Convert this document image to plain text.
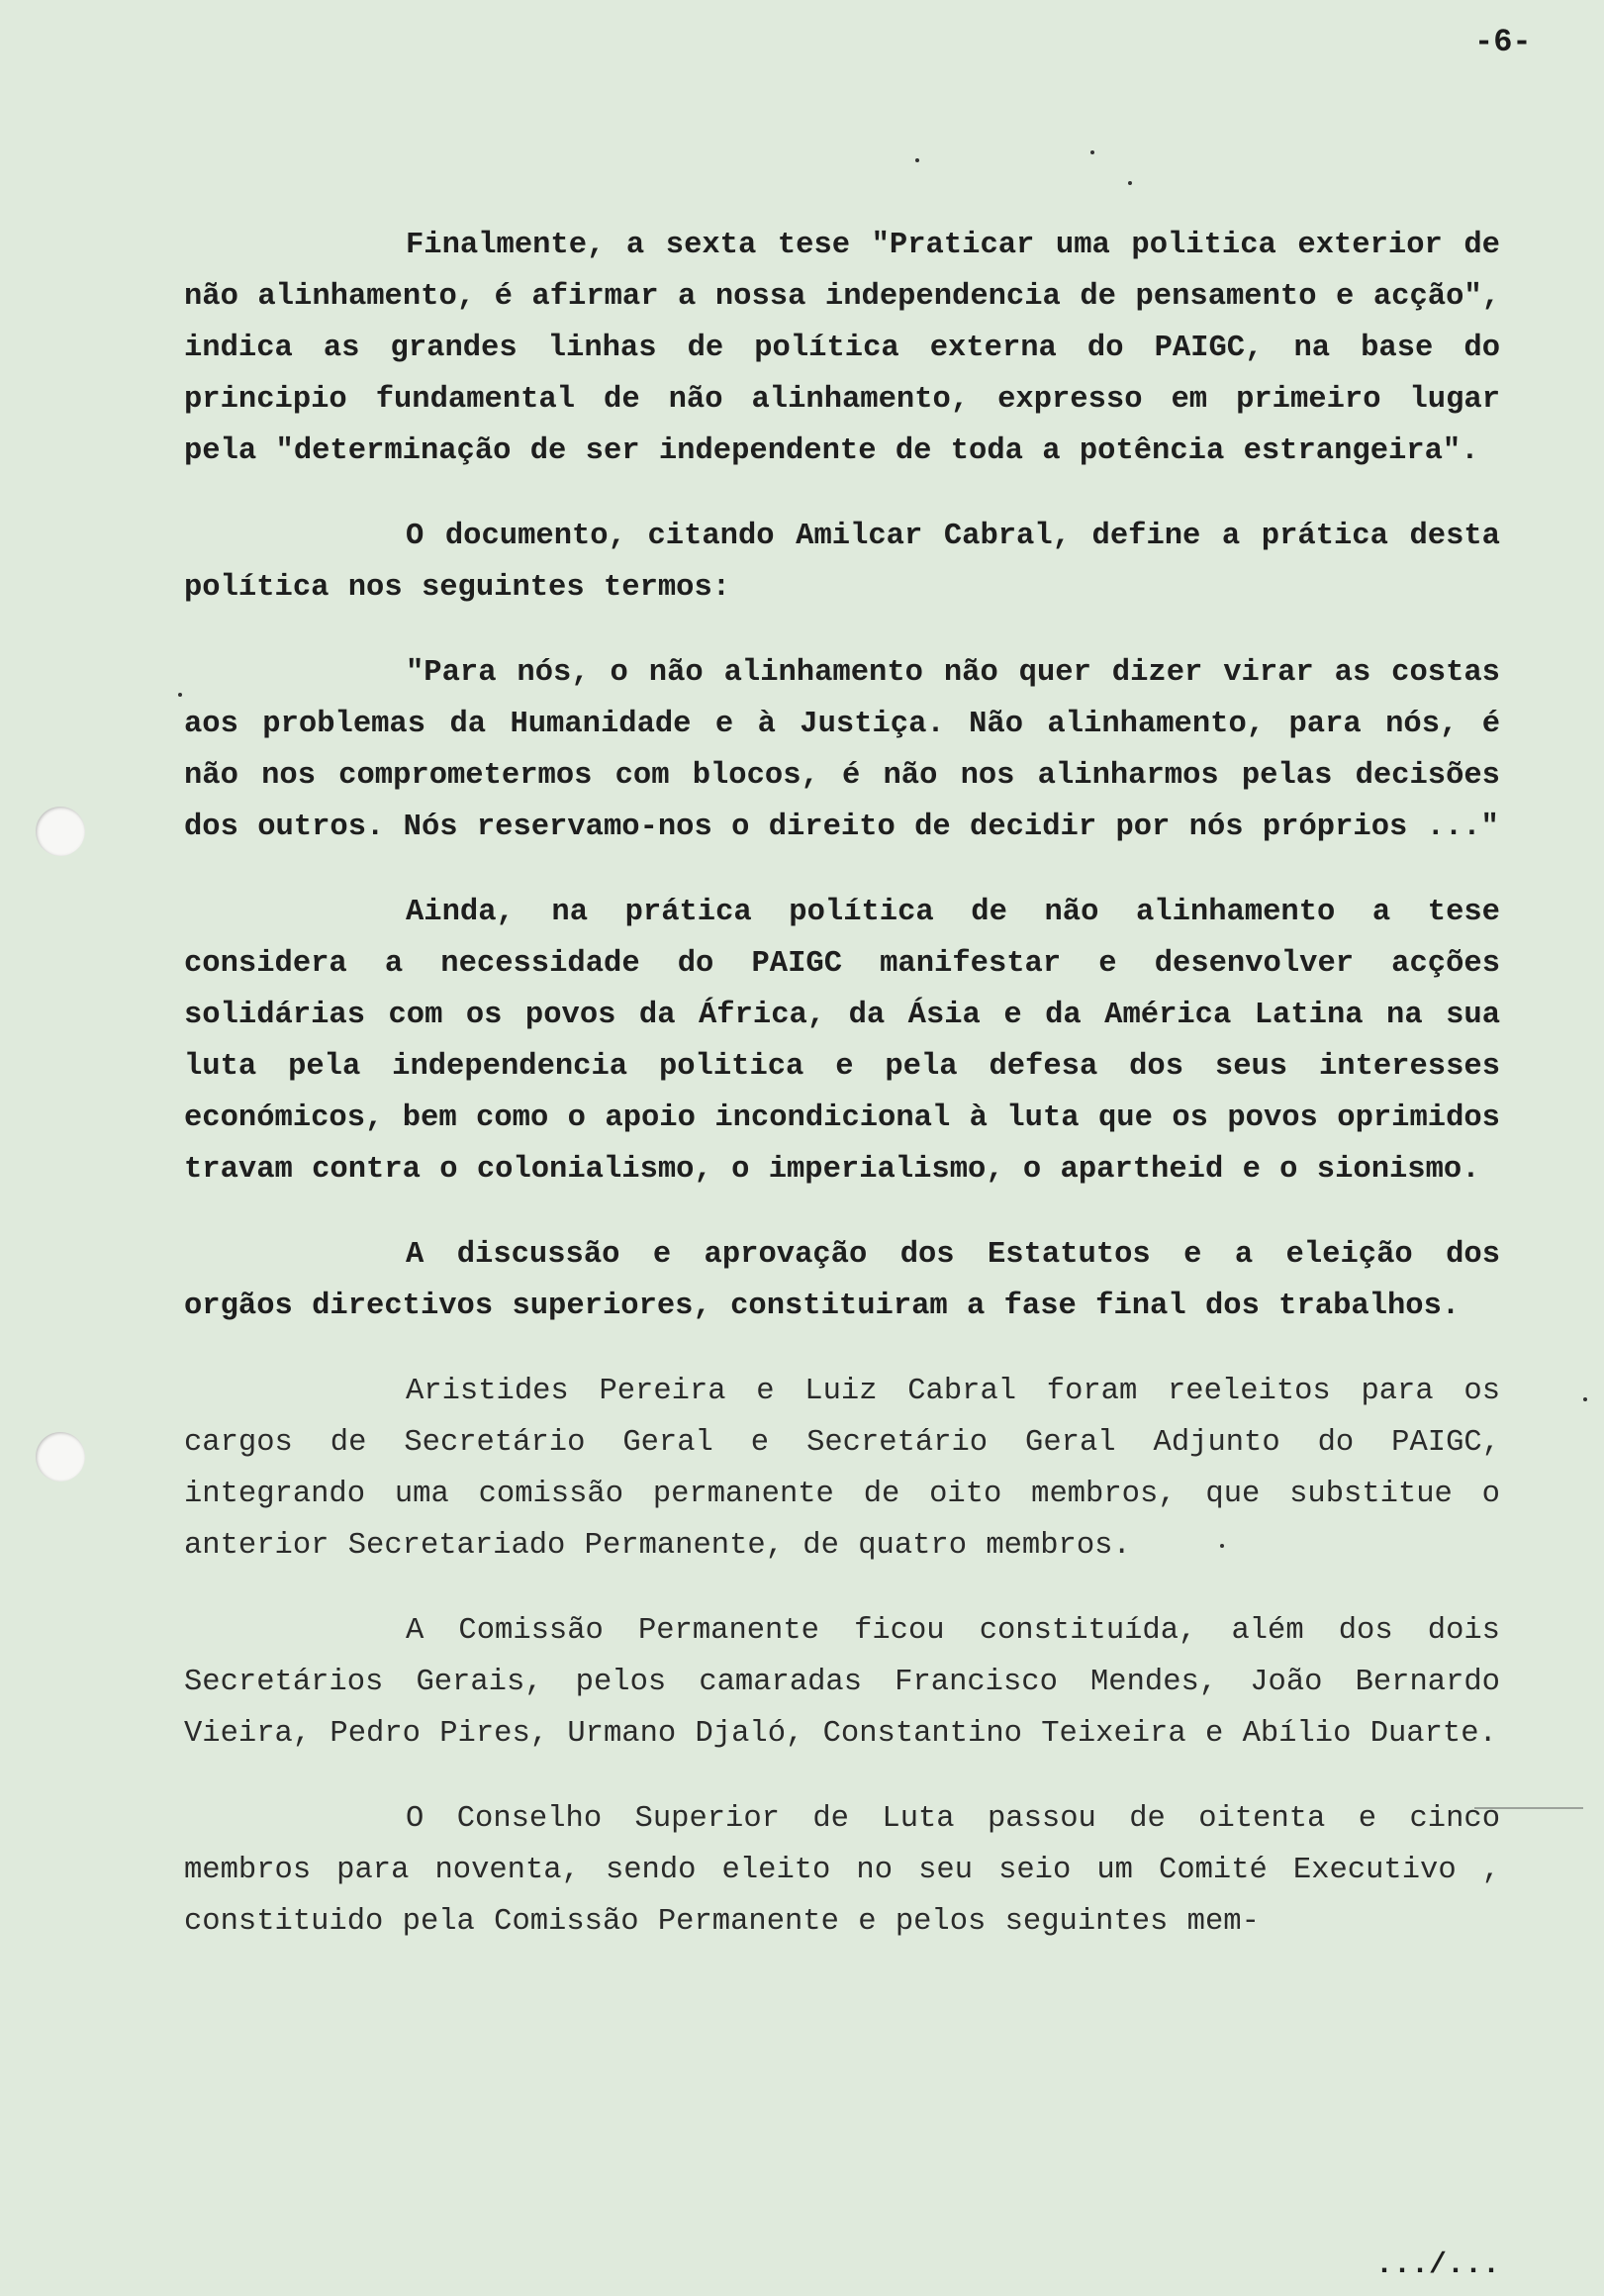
-6-

Finalmente, a sexta tese "Praticar uma politica exterior de não alinhamento, é afirmar a nossa independencia de pensamento e acção", indica as grandes linhas de política externa do PAIGC, na base do principio fundamental de não alinhamento, expresso em primeiro lugar pela "determinação de ser independente de toda a potência estrangeira".

O documento, citando Amilcar Cabral, define a prática desta política nos seguintes termos:

"Para nós, o não alinhamento não quer dizer virar as costas aos problemas da Humanidade e à Justiça. Não alinhamento, para nós, é não nos comprometermos com blocos, é não nos alinharmos pelas decisões dos outros. Nós reservamo-nos o direito de decidir por nós próprios ..."

Ainda, na prática política de não alinhamento a tese considera a necessidade do PAIGC manifestar e desenvolver acções solidárias com os povos da África, da Ásia e da América Latina na sua luta pela independencia politica e pela defesa dos seus interesses económicos, bem como o apoio incondicional à luta que os povos oprimidos travam contra o colonialismo, o imperialismo, o apartheid e o sionismo.

A discussão e aprovação dos Estatutos e a eleição dos orgãos directivos superiores, constituiram a fase final dos trabalhos.

Aristides Pereira e Luiz Cabral foram reeleitos para os cargos de Secretário Geral e Secretário Geral Adjunto do PAIGC, integrando uma comissão permanente de oito membros, que substitue o anterior Secretariado Permanente, de quatro membros.

A Comissão Permanente ficou constituída, além dos dois Secretários Gerais, pelos camaradas Francisco Mendes, João Bernardo Vieira, Pedro Pires, Urmano Djaló, Constantino Teixeira e Abílio Duarte.

O Conselho Superior de Luta passou de oitenta e cinco membros para noventa, sendo eleito no seu seio um Comité Executivo , constituido pela Comissão Permanente e pelos seguintes mem-

.../...
